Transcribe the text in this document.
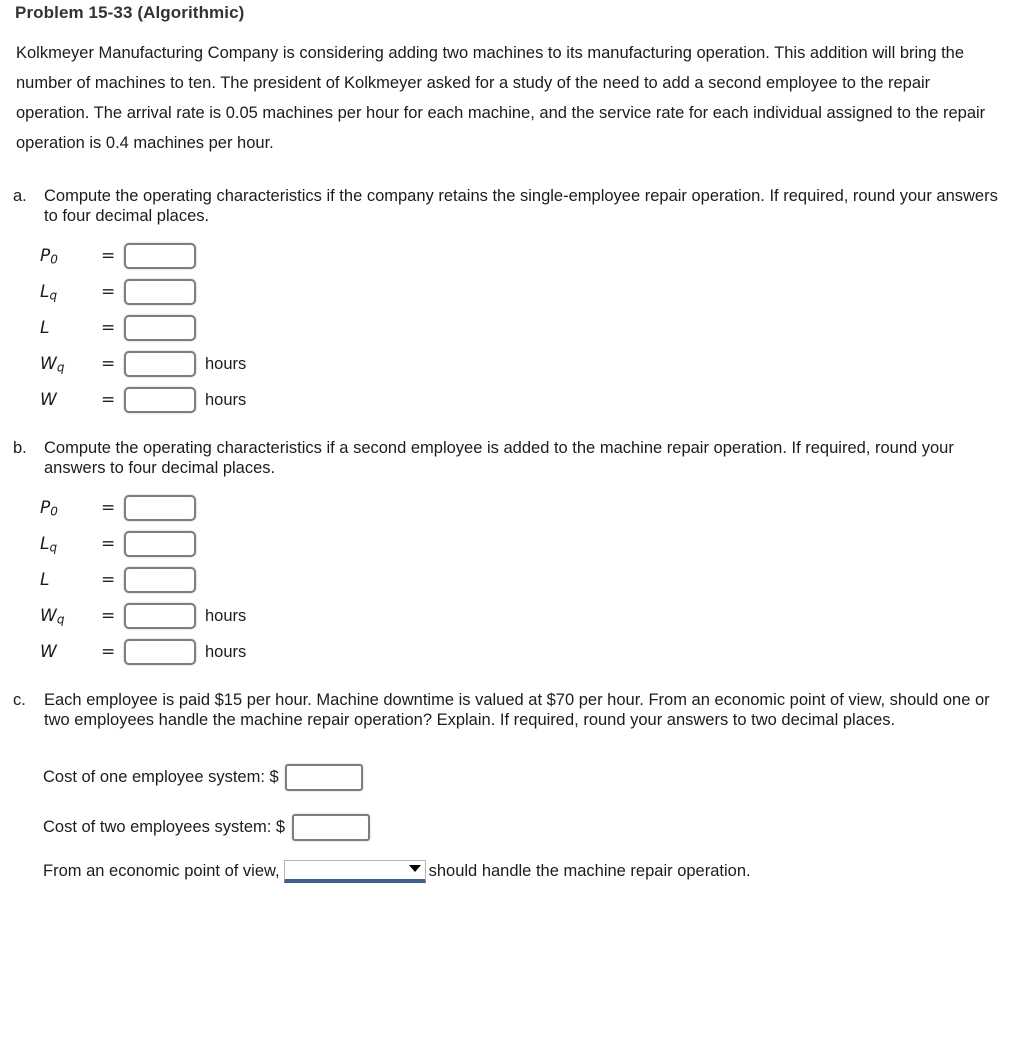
Problem 15-33 (Algorithmic)
Kolkmeyer Manufacturing Company is considering adding two machines to its manufacturing operation. This addition will bring the number of machines to ten. The president of Kolkmeyer asked for a study of the need to add a second employee to the repair operation. The arrival rate is 0.05 machines per hour for each machine, and the service rate for each individual assigned to the repair operation is 0.4 machines per hour.
a.	Compute the operating characteristics if the company retains the single-employee repair operation. If required, round your answers to four decimal places.
$P_0$	=
$L_q$	=
L	=
$W_q$	=	hours
W	=	hours
b.	Compute the operating characteristics if a second employee is added to the machine repair operation. If required, round your answers to four decimal places.
$P_0$	=
$L_q$	=
L	=
$W_q$	=	hours
W	=	hours
c.	Each employee is paid $15 per hour. Machine downtime is valued at $70 per hour. From an economic point of view, should one or two employees handle the machine repair operation? Explain. If required, round your answers to two decimal places.
Cost of one employee system: $
Cost of two employees system: $
From an economic point of view,	should handle the machine repair operation.
